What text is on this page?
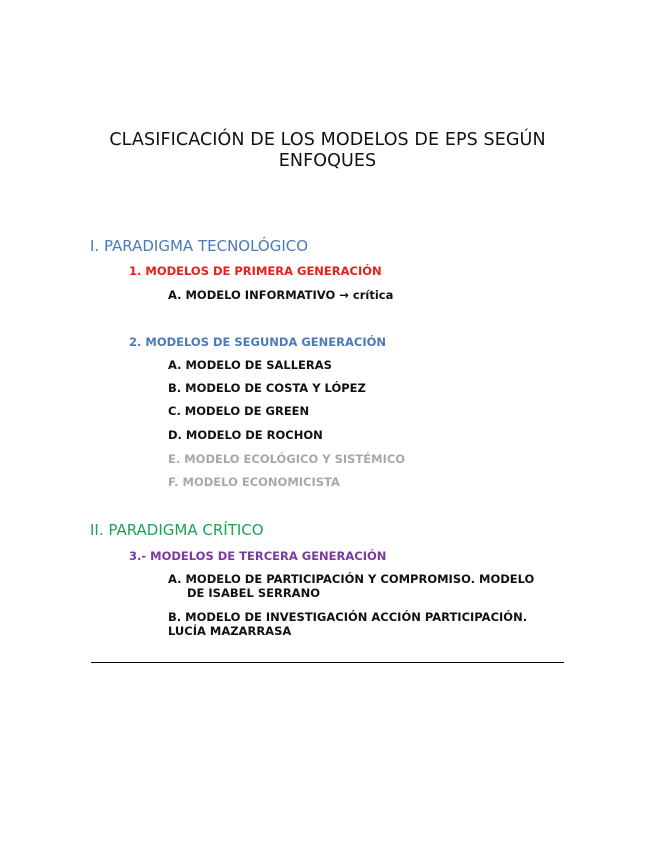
CLASIFICACIÓN DE LOS MODELOS DE EPS SEGÚN
ENFOQUES
I. PARADIGMA TECNOLÓGICO

1. MODELOS DE PRIMERA GENERACIÓN

A. MODELO INFORMATIVO → crítica

2. MODELOS DE SEGUNDA GENERACIÓN

A. MODELO DE SALLERAS

B. MODELO DE COSTA Y LÓPEZ

C. MODELO DE GREEN

D. MODELO DE ROCHON

E. MODELO ECOLÓGICO Y SISTÉMICO

F. MODELO ECONOMICISTA

II. PARADIGMA CRÍTICO

3.- MODELOS DE TERCERA GENERACIÓN

A. MODELO DE PARTICIPACIÓN Y COMPROMISO. MODELO
DE ISABEL SERRANO

B. MODELO DE INVESTIGACIÓN ACCIÓN PARTICIPACIÓN.
LUCÍA MAZARRASA
